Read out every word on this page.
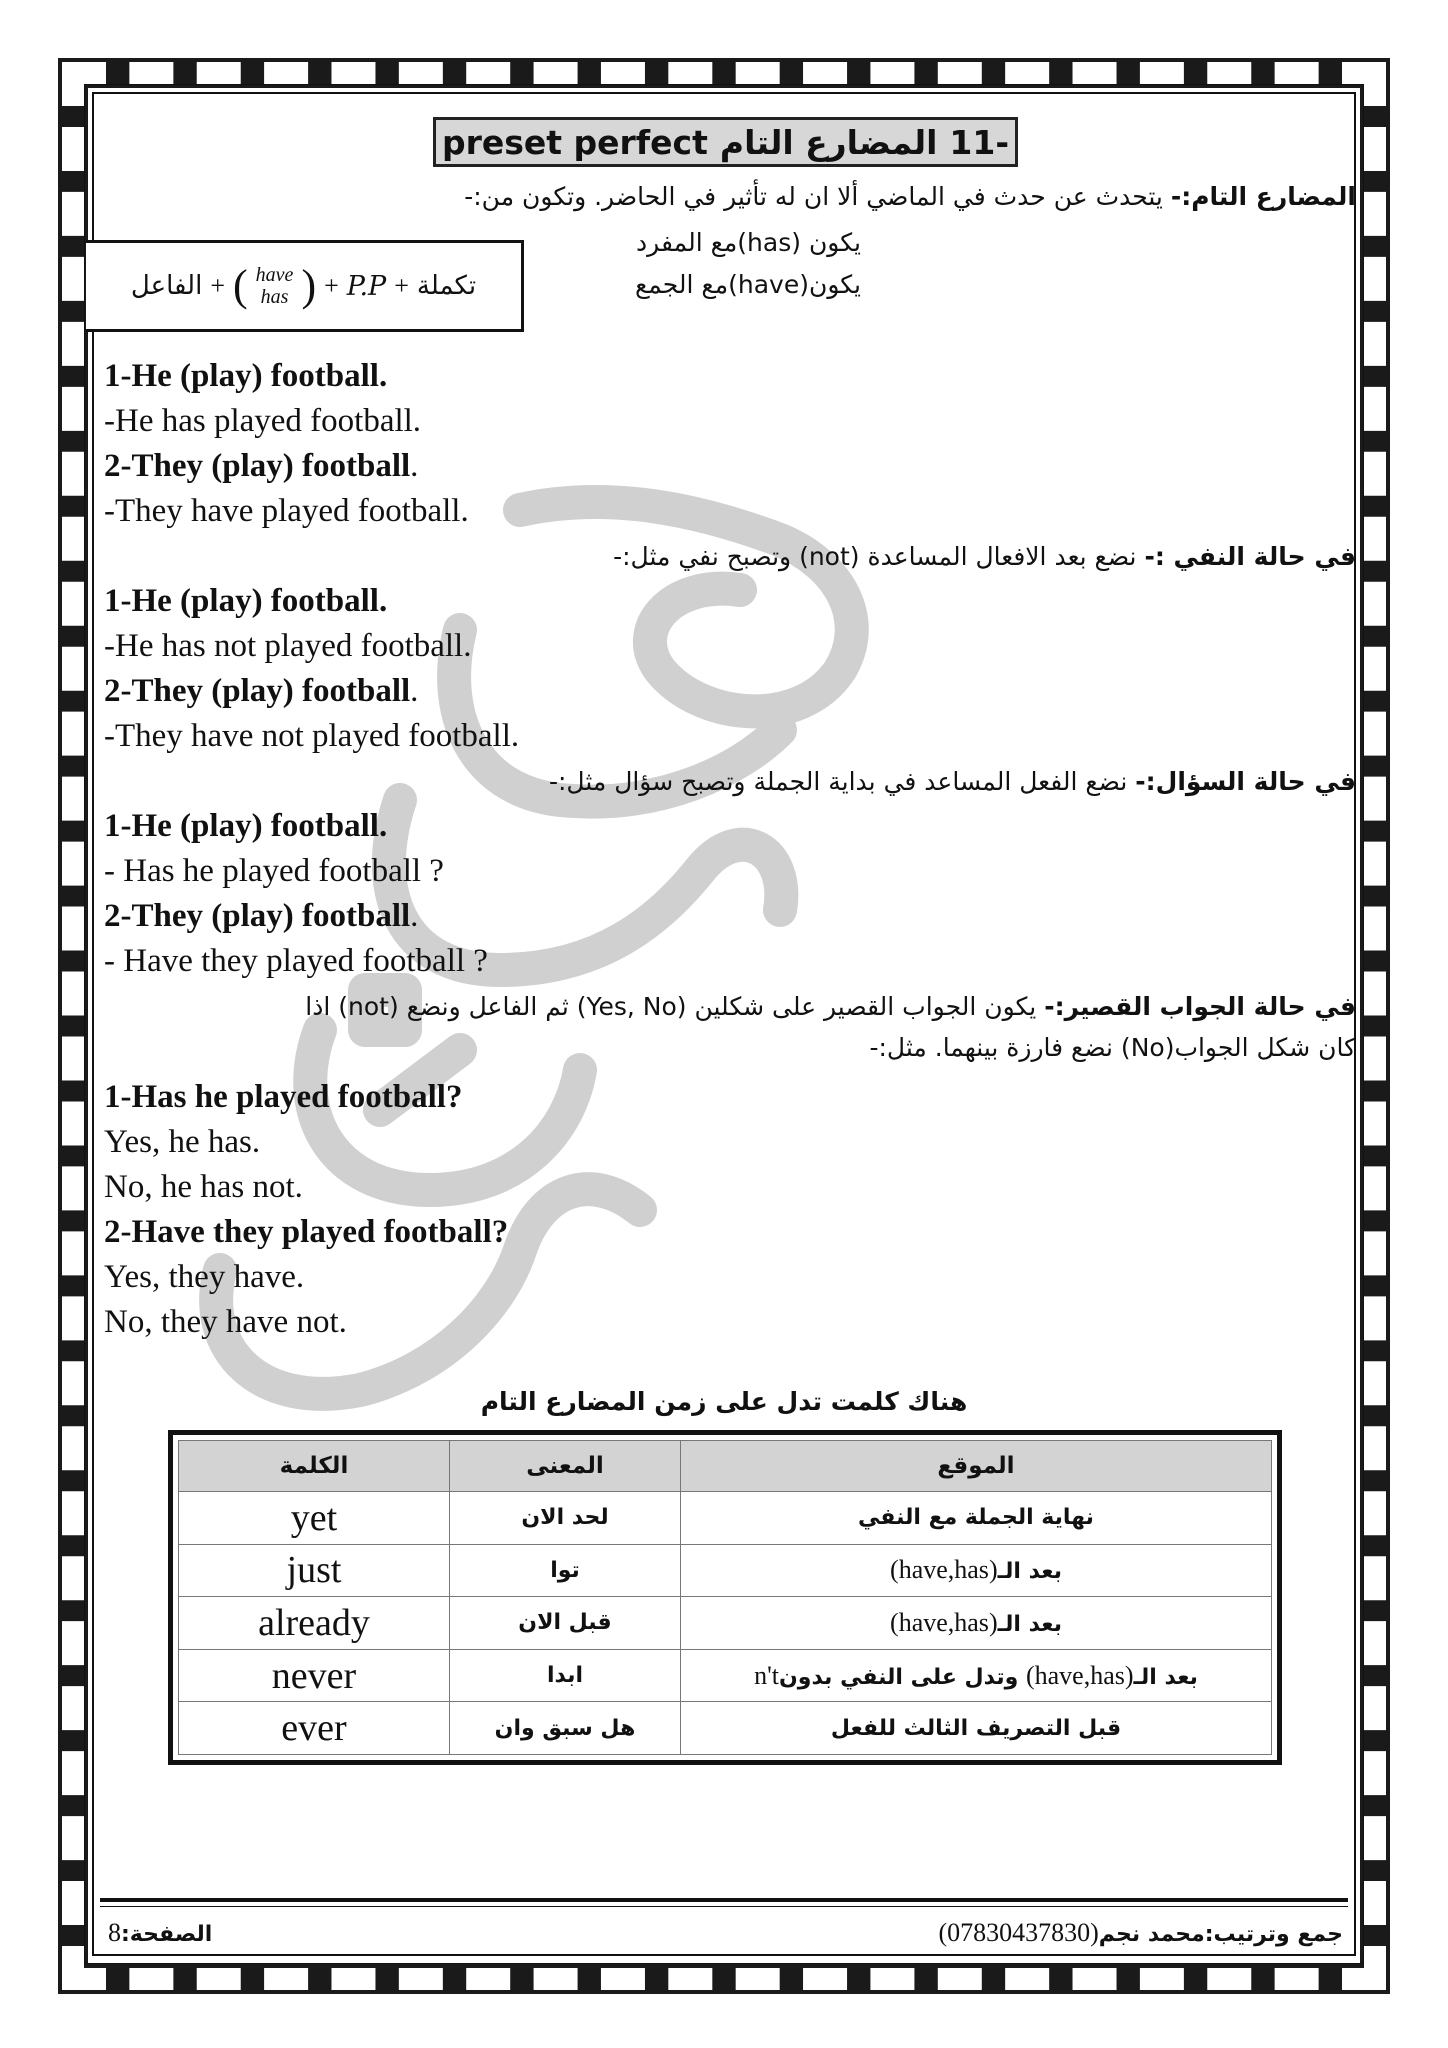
preset perfect المضارع التام 11-
المضارع التام:- يتحدث عن حدث في الماضي ألا ان له تأثير في الحاضر. وتكون من:-
الفاعل + ( have
has ) + P.P + تكملة
يكون (has)مع المفرد
يكون(have)مع الجمع
1-He (play) football.
-He has played football.
2-They (play) football.
-They have played football.
في حالة النفي :- نضع بعد الافعال المساعدة (not) وتصبح نفي مثل:-
1-He (play) football.
-He has not played football.
2-They (play) football.
-They have not played football.
في حالة السؤال:- نضع الفعل المساعد في بداية الجملة وتصبح سؤال مثل:-
1-He (play) football.
- Has he played football ?
2-They (play) football.
- Have they played football ?
في حالة الجواب القصير:- يكون الجواب القصير على شكلين (Yes, No) ثم الفاعل ونضع (not) اذا
كان شكل الجواب(No) نضع فارزة بينهما. مثل:-
1-Has he played football?
Yes, he has.
No, he has not.
2-Have they played football?
Yes, they have.
No, they have not.
هناك كلمت تدل على زمن المضارع التام
الكلمة	المعنى	الموقع
yet	لحد الان	نهاية الجملة مع النفي
just	توا	بعد الـ(have,has)
already	قبل الان	بعد الـ(have,has)
never	ابدا	بعد الـ(have,has) وتدل على النفي بدونn't
ever	هل سبق وان	قبل التصريف الثالث للفعل
جمع وترتيب:محمد نجم(07830437830)
الصفحة:8
